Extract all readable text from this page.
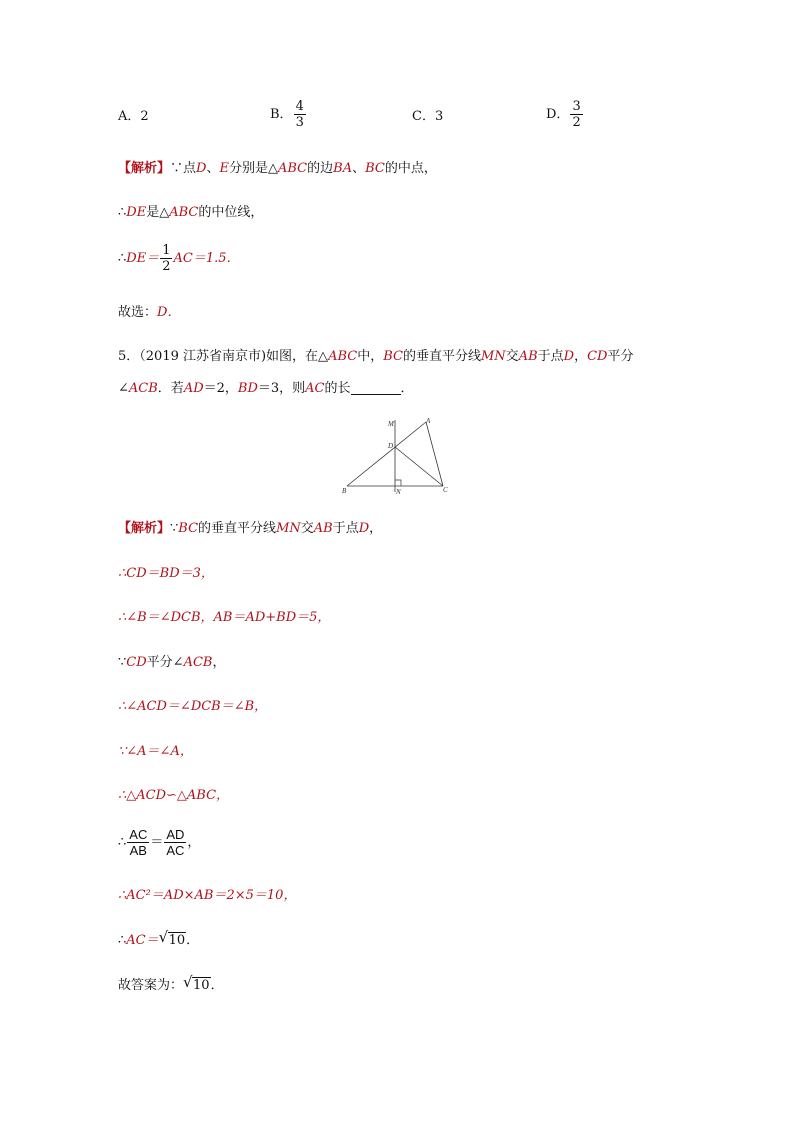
A．2	B． $\frac{4}{3}$	C．3	D． $\frac{3}{2}$
【解析】∵点D、E分别是△ABC的边BA、BC的中点，
∴DE是△ABC的中位线，
∴DE＝ $\frac{1}{2} AC=1.5$．
故选：D．
5．（2019 江苏省南京市)如图，在△ABC中，BC的垂直平分线MN交AB于点D，CD平分
∠ACB．若AD＝2，BD＝3，则AC的长	．
M
D
A
B	N	C
【解析】∵BC的垂直平分线MN交AB于点D，
∴CD＝BD＝3，
∴∠B＝∠DCB，AB＝AD+BD＝5，
∵CD平分∠ACB，
∴∠ACD＝∠DCB＝∠B，
∵∠A＝∠A，
∴△ACD∽△ABC，
∴ $\frac{AC}{AB} = \frac{AD}{AC}$ ，
∴AC²＝AD×AB＝2×5＝10，
∴AC＝ √ 10．
故答案为： √ 10．
